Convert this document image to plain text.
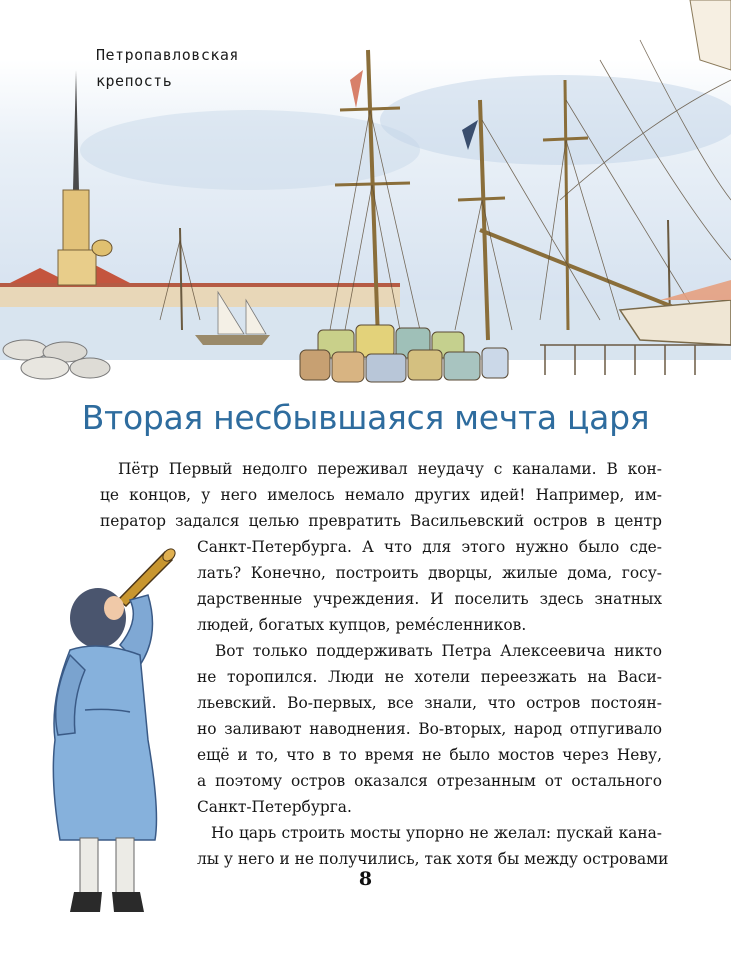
Петропавловская
крепость
Вторая несбывшаяся мечта царя
Пётр Первый недолго переживал неудачу с каналами. В кон-
це концов, у него имелось немало других идей! Например, им-
ператор задался целью превратить Васильевский остров в центр
Санкт-Петербурга. А что для этого нужно было сде-
лать? Конечно, построить дворцы, жилые дома, госу-
дарственные учреждения. И поселить здесь знатных
людей, богатых купцов, ремéсленников.
Вот только поддерживать Петра Алексеевича никто
не торопился. Люди не хотели переезжать на Васи-
льевский. Во-первых, все знали, что остров постоян-
но заливают наводнения. Во-вторых, народ отпугивало
ещё и то, что в то время не было мостов через Неву,
а поэтому остров оказался отрезанным от остального
Санкт-Петербурга.
Но царь строить мосты упорно не желал: пускай кана-
лы у него и не получились, так хотя бы между островами
8
